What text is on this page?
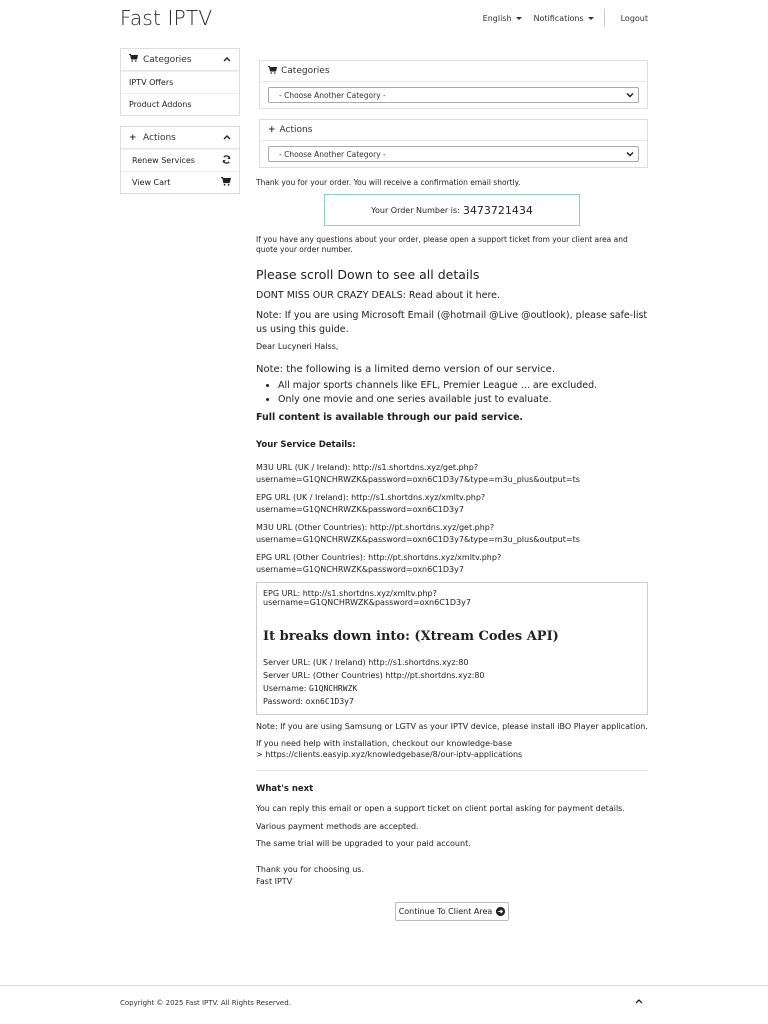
Fast IPTV	English	Notifications	Logout
Categories
IPTV Offers
Product Addons
+ Actions
Renew Services
View Cart
Categories
- Choose Another Category -
+ Actions
- Choose Another Category -
Thank you for your order. You will receive a confirmation email shortly.
Your Order Number is: 3473721434
If you have any questions about your order, please open a support ticket from your client area and quote your order number.
Please scroll Down to see all details
DONT MISS OUR CRAZY DEALS: Read about it here.
Note: If you are using Microsoft Email (@hotmail @Live @outlook), please safe-list us using this guide.
Dear Lucyneri Halss,
Note: the following is a limited demo version of our service.
• All major sports channels like EFL, Premier League ... are excluded.
• Only one movie and one series available just to evaluate.
Full content is available through our paid service.
Your Service Details:
M3U URL (UK / Ireland): http://s1.shortdns.xyz/get.php?username=G1QNCHRWZK&password=oxn6C1D3y7&type=m3u_plus&output=ts
EPG URL (UK / Ireland): http://s1.shortdns.xyz/xmltv.php?username=G1QNCHRWZK&password=oxn6C1D3y7
M3U URL (Other Countries): http://pt.shortdns.xyz/get.php?username=G1QNCHRWZK&password=oxn6C1D3y7&type=m3u_plus&output=ts
EPG URL (Other Countries): http://pt.shortdns.xyz/xmltv.php?username=G1QNCHRWZK&password=oxn6C1D3y7
EPG URL: http://s1.shortdns.xyz/xmltv.php?username=G1QNCHRWZK&password=oxn6C1D3y7
It breaks down into: (Xtream Codes API)
Server URL: (UK / Ireland) http://s1.shortdns.xyz:80
Server URL: (Other Countries) http://pt.shortdns.xyz:80
Username: G1QNCHRWZK
Password: oxn6C1D3y7
Note: If you are using Samsung or LGTV as your IPTV device, please install iBO Player application.
If you need help with installation, checkout our knowledge-base
> https://clients.easyip.xyz/knowledgebase/8/our-iptv-applications
What's next
You can reply this email or open a support ticket on client portal asking for payment details.
Various payment methods are accepted.
The same trial will be upgraded to your paid account.
Thank you for choosing us.
Fast IPTV
Continue To Client Area
Copyright © 2025 Fast IPTV. All Rights Reserved.
